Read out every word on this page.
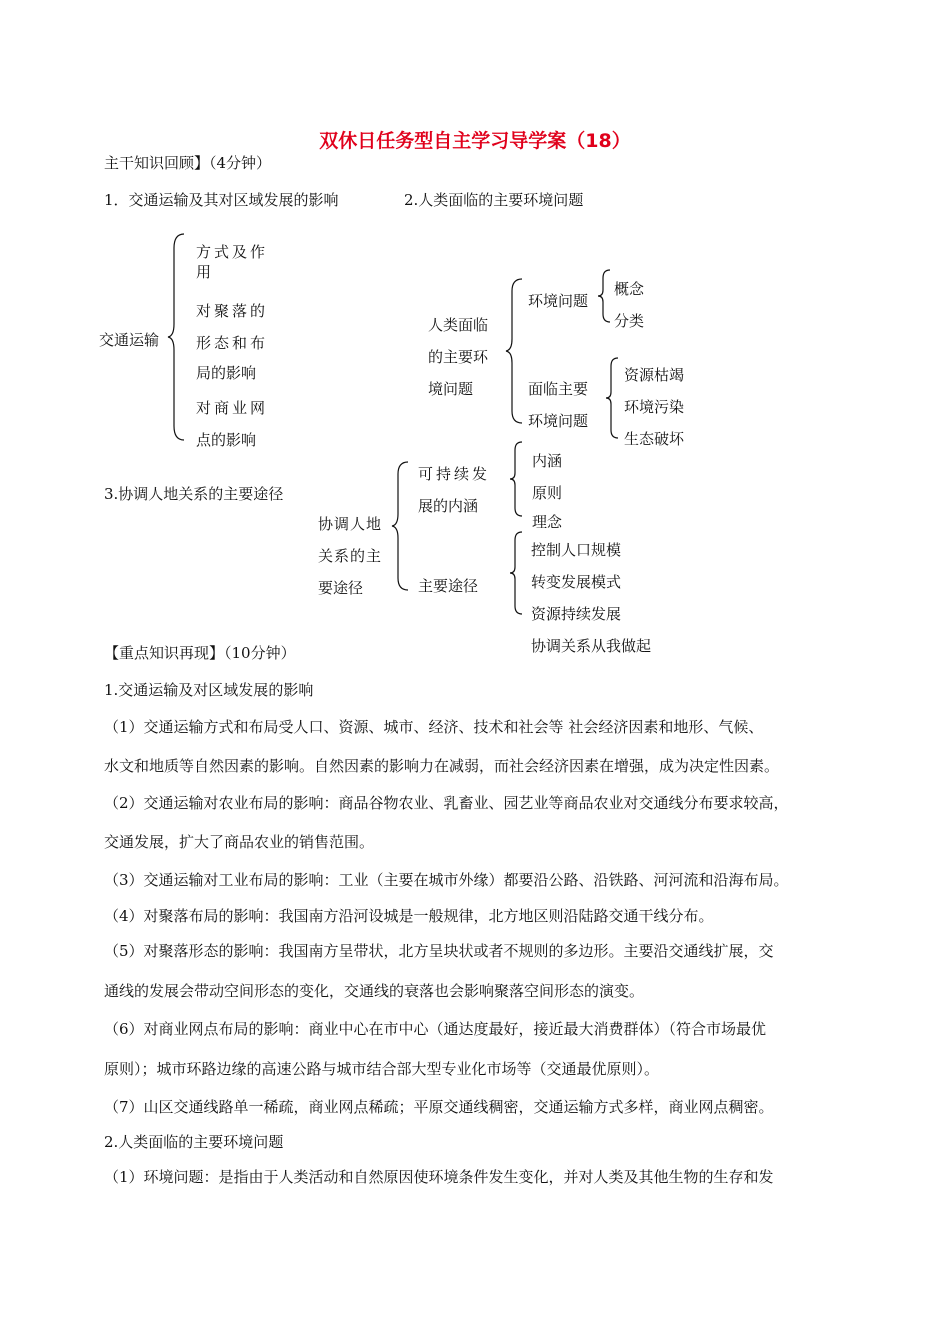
双休日任务型自主学习导学案（18）
主干知识回顾】（4分钟）
1．交通运输及其对区域发展的影响	2.人类面临的主要环境问题
交通运输
方式及作
用
对聚落的
形态和布
局的影响
对商业网
点的影响
人类面临
的主要环
境问题
环境问题
概念
分类
面临主要
环境问题
资源枯竭
环境污染
生态破坏
3.协调人地关系的主要途径
协调人地
关系的主
要途径
可持续发
展的内涵
内涵
原则
理念
主要途径
控制人口规模
转变发展模式
资源持续发展
协调关系从我做起
【重点知识再现】（10分钟）
1.交通运输及对区域发展的影响
（1）交通运输方式和布局受人口、资源、城市、经济、技术和社会等 社会经济因素和地形、气候、
水文和地质等自然因素的影响。自然因素的影响力在减弱，而社会经济因素在增强，成为决定性因素。
（2）交通运输对农业布局的影响：商品谷物农业、乳畜业、园艺业等商品农业对交通线分布要求较高，
交通发展，扩大了商品农业的销售范围。
（3）交通运输对工业布局的影响：工业（主要在城市外缘）都要沿公路、沿铁路、河河流和沿海布局。
（4）对聚落布局的影响：我国南方沿河设城是一般规律，北方地区则沿陆路交通干线分布。
（5）对聚落形态的影响：我国南方呈带状，北方呈块状或者不规则的多边形。主要沿交通线扩展，交
通线的发展会带动空间形态的变化，交通线的衰落也会影响聚落空间形态的演变。
（6）对商业网点布局的影响：商业中心在市中心（通达度最好，接近最大消费群体）（符合市场最优
原则）；城市环路边缘的高速公路与城市结合部大型专业化市场等（交通最优原则）。
（7）山区交通线路单一稀疏，商业网点稀疏；平原交通线稠密，交通运输方式多样，商业网点稠密。
2.人类面临的主要环境问题
（1）环境问题：是指由于人类活动和自然原因使环境条件发生变化，并对人类及其他生物的生存和发
